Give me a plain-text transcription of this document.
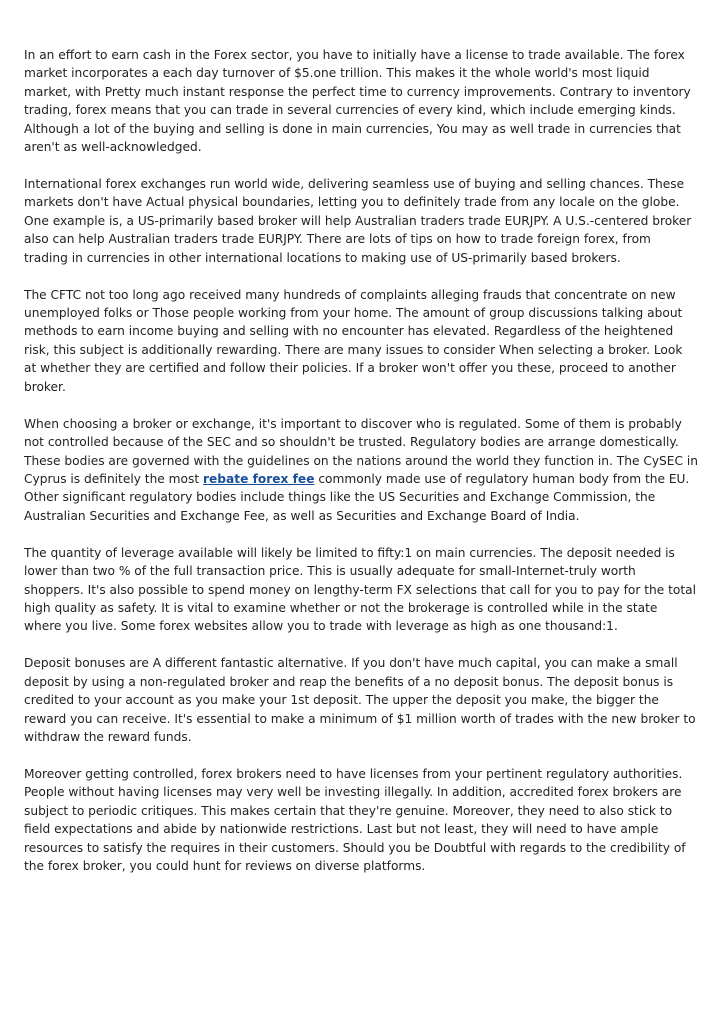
In an effort to earn cash in the Forex sector, you have to initially have a license to trade available. The forex market incorporates a each day turnover of $5.one trillion. This makes it the whole world's most liquid market, with Pretty much instant response the perfect time to currency improvements. Contrary to inventory trading, forex means that you can trade in several currencies of every kind, which include emerging kinds. Although a lot of the buying and selling is done in main currencies, You may as well trade in currencies that aren't as well-acknowledged.

International forex exchanges run world wide, delivering seamless use of buying and selling chances. These markets don't have Actual physical boundaries, letting you to definitely trade from any locale on the globe. One example is, a US-primarily based broker will help Australian traders trade EURJPY. A U.S.-centered broker also can help Australian traders trade EURJPY. There are lots of tips on how to trade foreign forex, from trading in currencies in other international locations to making use of US-primarily based brokers.

The CFTC not too long ago received many hundreds of complaints alleging frauds that concentrate on new unemployed folks or Those people working from your home. The amount of group discussions talking about methods to earn income buying and selling with no encounter has elevated. Regardless of the heightened risk, this subject is additionally rewarding. There are many issues to consider When selecting a broker. Look at whether they are certified and follow their policies. If a broker won't offer you these, proceed to another broker.

When choosing a broker or exchange, it's important to discover who is regulated. Some of them is probably not controlled because of the SEC and so shouldn't be trusted. Regulatory bodies are arrange domestically. These bodies are governed with the guidelines on the nations around the world they function in. The CySEC in Cyprus is definitely the most rebate forex fee commonly made use of regulatory human body from the EU. Other significant regulatory bodies include things like the US Securities and Exchange Commission, the Australian Securities and Exchange Fee, as well as Securities and Exchange Board of India.

The quantity of leverage available will likely be limited to fifty:1 on main currencies. The deposit needed is lower than two % of the full transaction price. This is usually adequate for small-Internet-truly worth shoppers. It's also possible to spend money on lengthy-term FX selections that call for you to pay for the total high quality as safety. It is vital to examine whether or not the brokerage is controlled while in the state where you live. Some forex websites allow you to trade with leverage as high as one thousand:1.

Deposit bonuses are A different fantastic alternative. If you don't have much capital, you can make a small deposit by using a non-regulated broker and reap the benefits of a no deposit bonus. The deposit bonus is credited to your account as you make your 1st deposit. The upper the deposit you make, the bigger the reward you can receive. It's essential to make a minimum of $1 million worth of trades with the new broker to withdraw the reward funds.

Moreover getting controlled, forex brokers need to have licenses from your pertinent regulatory authorities. People without having licenses may very well be investing illegally. In addition, accredited forex brokers are subject to periodic critiques. This makes certain that they're genuine. Moreover, they need to also stick to field expectations and abide by nationwide restrictions. Last but not least, they will need to have ample resources to satisfy the requires in their customers. Should you be Doubtful with regards to the credibility of the forex broker, you could hunt for reviews on diverse platforms.
